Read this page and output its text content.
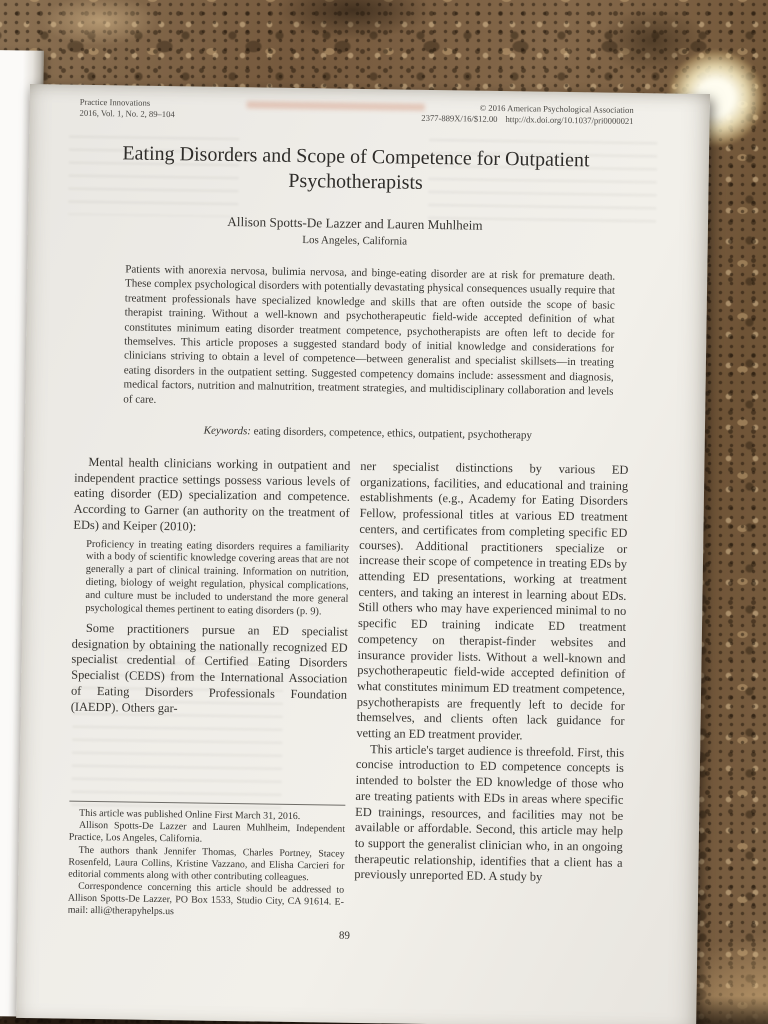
Practice Innovations
2016, Vol. 1, No. 2, 89–104	© 2016 American Psychological Association
2377-889X/16/$12.00 http://dx.doi.org/10.1037/pri0000021
Eating Disorders and Scope of Competence for Outpatient Psychotherapists
Allison Spotts-De Lazzer and Lauren Muhlheim
Los Angeles, California
Patients with anorexia nervosa, bulimia nervosa, and binge-eating disorder are at risk for premature death. These complex psychological disorders with potentially devastating physical consequences usually require that treatment professionals have specialized knowledge and skills that are often outside the scope of basic therapist training. Without a well-known and psychotherapeutic field-wide accepted definition of what constitutes minimum eating disorder treatment competence, psychotherapists are often left to decide for themselves. This article proposes a suggested standard body of initial knowledge and considerations for clinicians striving to obtain a level of competence—between generalist and specialist skillsets—in treating eating disorders in the outpatient setting. Suggested competency domains include: assessment and diagnosis, medical factors, nutrition and malnutrition, treatment strategies, and multidisciplinary collaboration and levels of care.
Keywords: eating disorders, competence, ethics, outpatient, psychotherapy

Mental health clinicians working in outpatient and independent practice settings possess various levels of eating disorder (ED) specialization and competence. According to Garner (an authority on the treatment of EDs) and Keiper (2010):

Proficiency in treating eating disorders requires a familiarity with a body of scientific knowledge covering areas that are not generally a part of clinical training. Information on nutrition, dieting, biology of weight regulation, physical complications, and culture must be included to understand the more general psychological themes pertinent to eating disorders (p. 9).

Some practitioners pursue an ED specialist designation by obtaining the nationally recognized ED specialist credential of Certified Eating Disorders Specialist (CEDS) from the International Association of Eating Disorders Professionals Foundation (IAEDP). Others gar-

This article was published Online First March 31, 2016.

Allison Spotts-De Lazzer and Lauren Muhlheim, Independent Practice, Los Angeles, California.

The authors thank Jennifer Thomas, Charles Portney, Stacey Rosenfeld, Laura Collins, Kristine Vazzano, and Elisha Carcieri for editorial comments along with other contributing colleagues.

Correspondence concerning this article should be addressed to Allison Spotts-De Lazzer, PO Box 1533, Studio City, CA 91614. E-mail: alli@therapyhelps.us

ner specialist distinctions by various ED organizations, facilities, and educational and training establishments (e.g., Academy for Eating Disorders Fellow, professional titles at various ED treatment centers, and certificates from completing specific ED courses). Additional practitioners specialize or increase their scope of competence in treating EDs by attending ED presentations, working at treatment centers, and taking an interest in learning about EDs. Still others who may have experienced minimal to no specific ED training indicate ED treatment competency on therapist-finder websites and insurance provider lists. Without a well-known and psychotherapeutic field-wide accepted definition of what constitutes minimum ED treatment competence, psychotherapists are frequently left to decide for themselves, and clients often lack guidance for vetting an ED treatment provider.

This article's target audience is threefold. First, this concise introduction to ED competence concepts is intended to bolster the ED knowledge of those who are treating patients with EDs in areas where specific ED trainings, resources, and facilities may not be available or affordable. Second, this article may help to support the generalist clinician who, in an ongoing therapeutic relationship, identifies that a client has a previously unreported ED. A study by

89
